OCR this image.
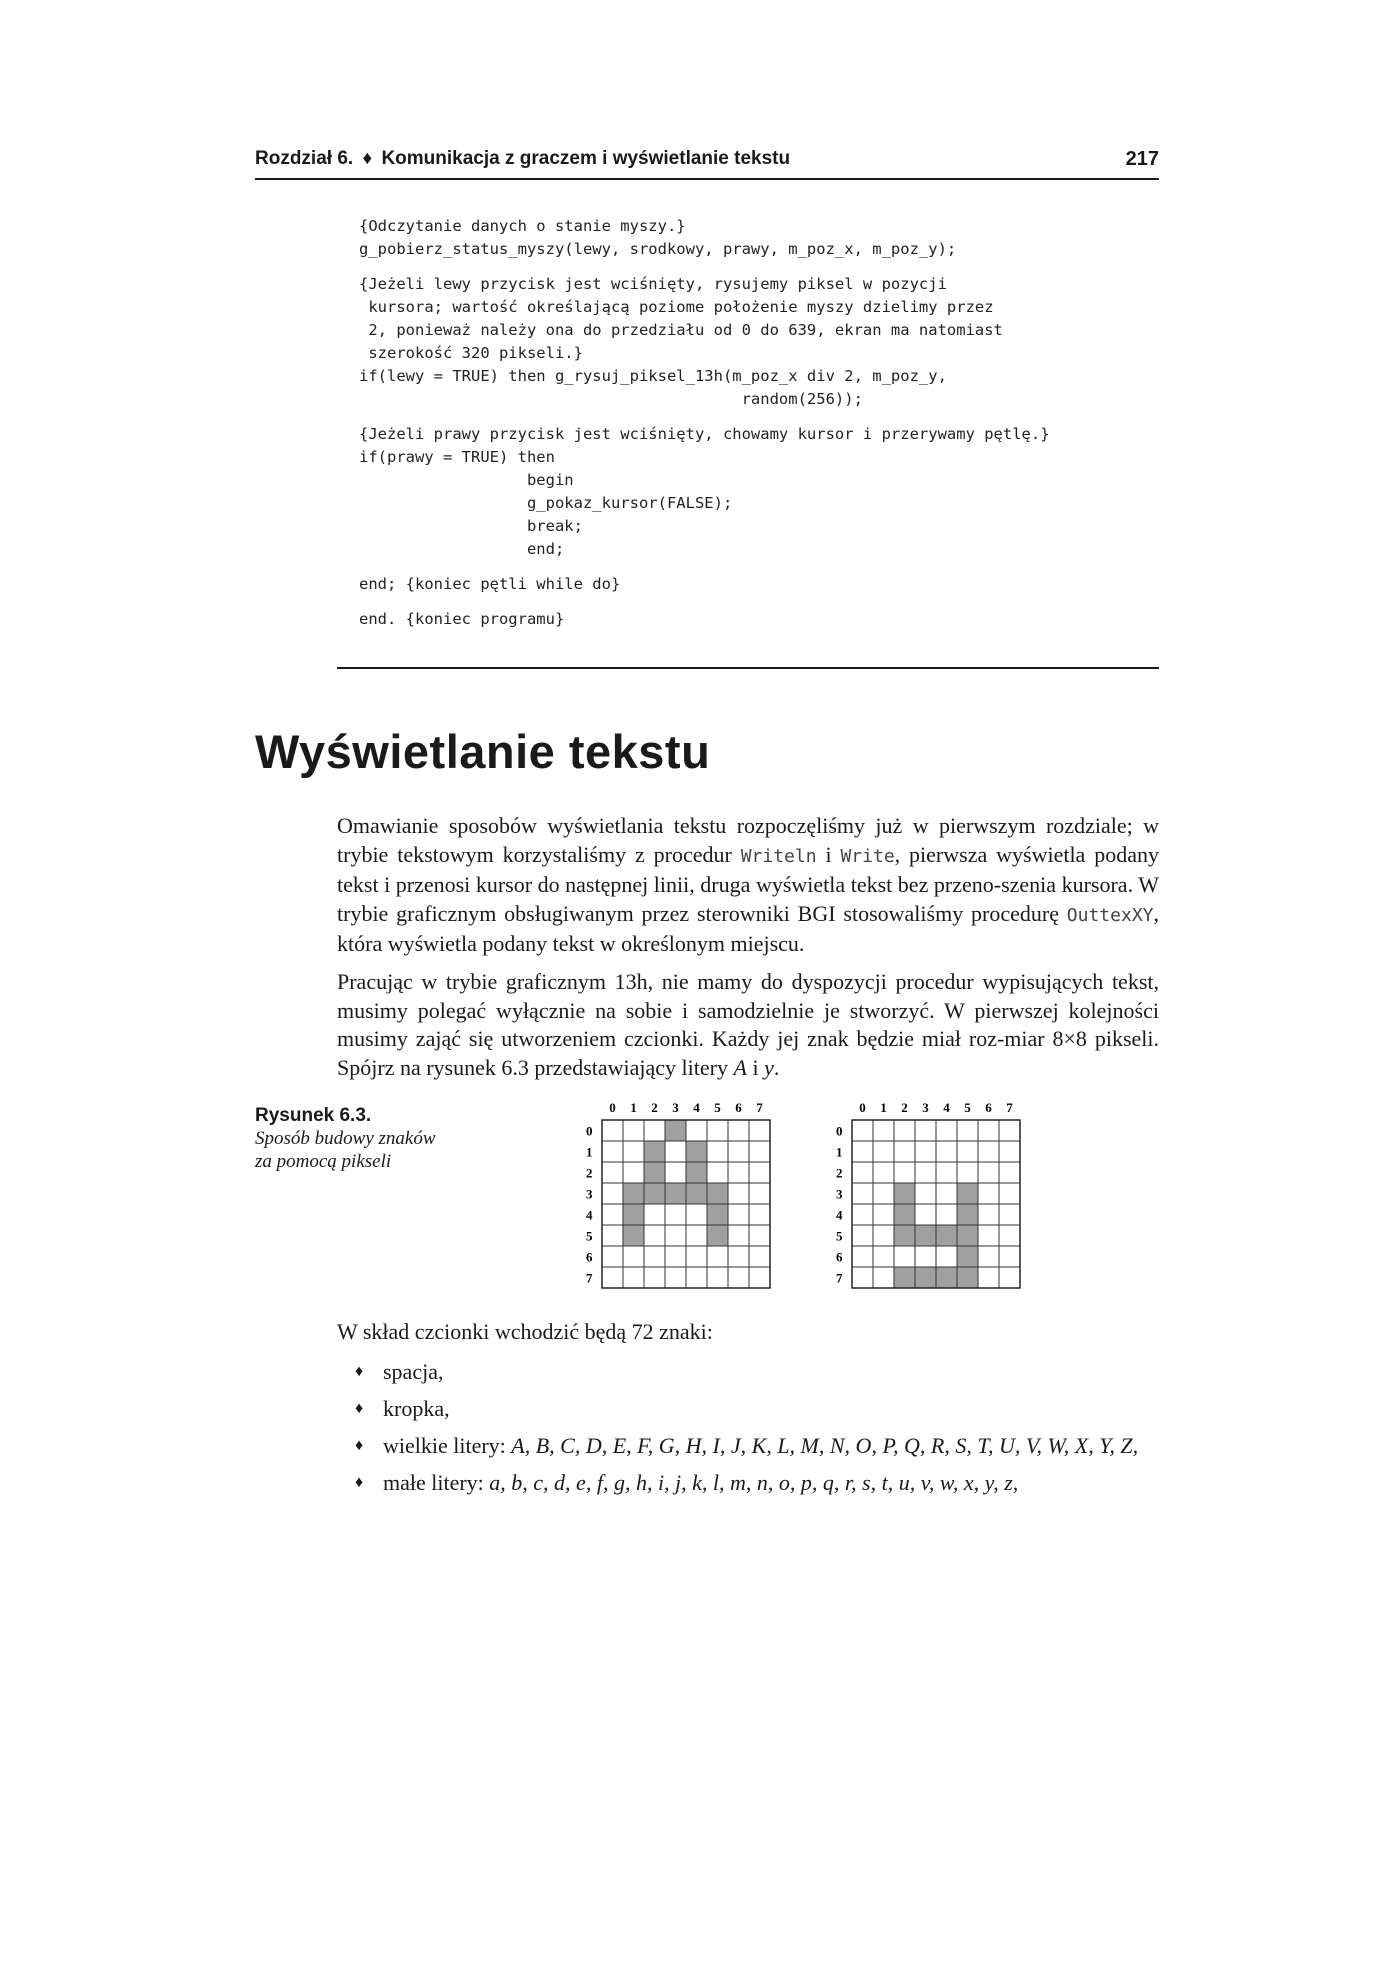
Rozdział 6. ♦ Komunikacja z graczem i wyświetlanie tekstu	217
{Odczytanie danych o stanie myszy.}
g_pobierz_status_myszy(lewy, srodkowy, prawy, m_poz_x, m_poz_y);
{Jeżeli lewy przycisk jest wciśnięty, rysujemy piksel w pozycji
kursora; wartość określającą poziome położenie myszy dzielimy przez
2, ponieważ należy ona do przedziału od 0 do 639, ekran ma natomiast
szerokość 320 pikseli.}
if(lewy = TRUE) then g_rysuj_piksel_13h(m_poz_x div 2, m_poz_y,
random(256));
{Jeżeli prawy przycisk jest wciśnięty, chowamy kursor i przerywamy pętlę.}
if(prawy = TRUE) then
begin
g_pokaz_kursor(FALSE);
break;
end;
end; {koniec pętli while do}
end. {koniec programu}
Wyświetlanie tekstu

Omawianie sposobów wyświetlania tekstu rozpoczęliśmy już w pierwszym rozdziale; w trybie tekstowym korzystaliśmy z procedur Writeln i Write, pierwsza wyświetla podany tekst i przenosi kursor do następnej linii, druga wyświetla tekst bez przeno-szenia kursora. W trybie graficznym obsługiwanym przez sterowniki BGI stosowaliśmy procedurę OuttexXY, która wyświetla podany tekst w określonym miejscu.

Pracując w trybie graficznym 13h, nie mamy do dyspozycji procedur wypisujących tekst, musimy polegać wyłącznie na sobie i samodzielnie je stworzyć. W pierwszej kolejności musimy zająć się utworzeniem czcionki. Każdy jej znak będzie miał roz-miar 8×8 pikseli. Spójrz na rysunek 6.3 przedstawiający litery A i y.

Rysunek 6.3.
Sposób budowy znaków za pomocą pikseli
0 1 2 3 4 5 6 7
0
1
2
3
4
5
6
7
0 1 2 3 4 5 6 7
0
1
2
3
4
5
6
7

W skład czcionki wchodzić będą 72 znaki:

♦ spacja,
♦ kropka,
♦ wielkie litery: A, B, C, D, E, F, G, H, I, J, K, L, M, N, O, P, Q, R, S, T, U, V, W, X, Y, Z,
♦ małe litery: a, b, c, d, e, f, g, h, i, j, k, l, m, n, o, p, q, r, s, t, u, v, w, x, y, z,
